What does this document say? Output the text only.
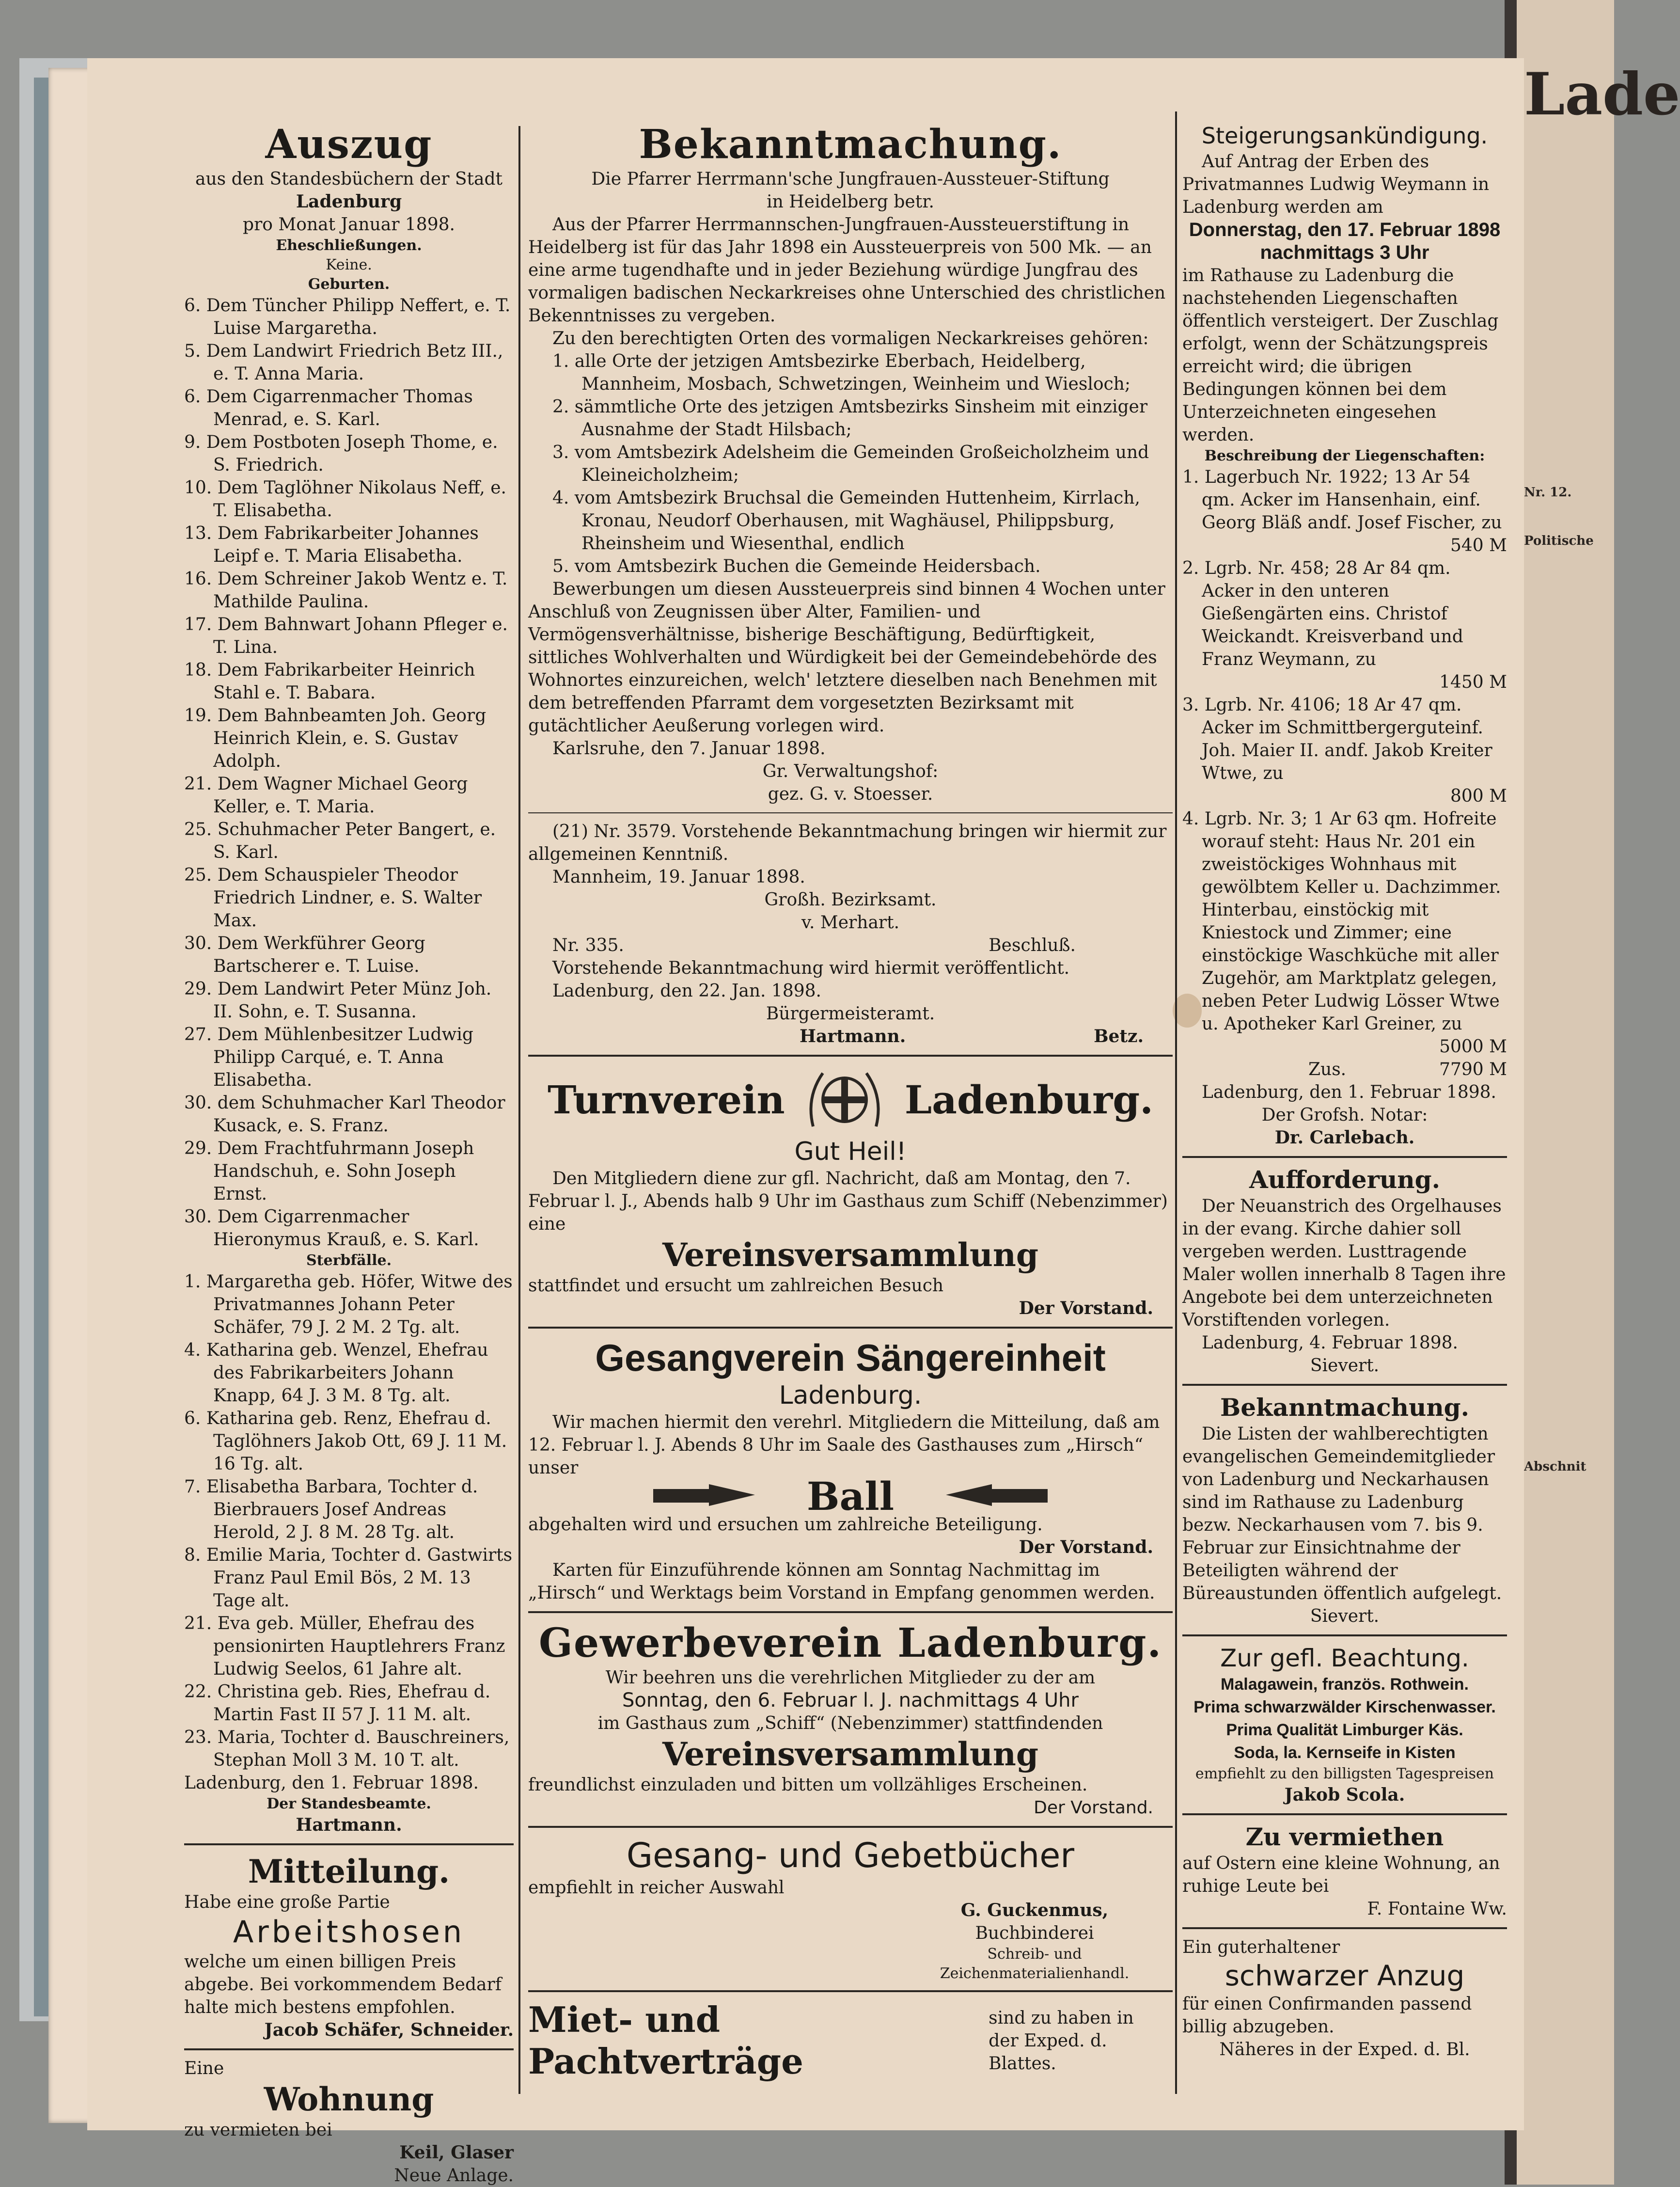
Lade
Nr. 12.
Politische
Abschnit
Auszug
aus den Standesbüchern der Stadt
Ladenburg
pro Monat Januar 1898.
Eheschließungen.
Keine.
Geburten.
6. Dem Tüncher Philipp Neffert, e. T. Luise Margaretha.
5. Dem Landwirt Friedrich Betz III., e. T. Anna Maria.
6. Dem Cigarrenmacher Thomas Menrad, e. S. Karl.
9. Dem Postboten Joseph Thome, e. S. Friedrich.
10. Dem Taglöhner Nikolaus Neff, e. T. Elisabetha.
13. Dem Fabrikarbeiter Johannes Leipf e. T. Maria Elisabetha.
16. Dem Schreiner Jakob Wentz e. T. Mathilde Paulina.
17. Dem Bahnwart Johann Pfleger e. T. Lina.
18. Dem Fabrikarbeiter Heinrich Stahl e. T. Babara.
19. Dem Bahnbeamten Joh. Georg Heinrich Klein, e. S. Gustav Adolph.
21. Dem Wagner Michael Georg Keller, e. T. Maria.
25. Schuhmacher Peter Bangert, e. S. Karl.
25. Dem Schauspieler Theodor Friedrich Lindner, e. S. Walter Max.
30. Dem Werkführer Georg Bartscherer e. T. Luise.
29. Dem Landwirt Peter Münz Joh. II. Sohn, e. T. Susanna.
27. Dem Mühlenbesitzer Ludwig Philipp Carqué, e. T. Anna Elisabetha.
30. dem Schuhmacher Karl Theodor Kusack, e. S. Franz.
29. Dem Frachtfuhrmann Joseph Handschuh, e. Sohn Joseph Ernst.
30. Dem Cigarrenmacher Hieronymus Krauß, e. S. Karl.
Sterbfälle.
1. Margaretha geb. Höfer, Witwe des Privatmannes Johann Peter Schäfer, 79 J. 2 M. 2 Tg. alt.
4. Katharina geb. Wenzel, Ehefrau des Fabrikarbeiters Johann Knapp, 64 J. 3 M. 8 Tg. alt.
6. Katharina geb. Renz, Ehefrau d. Taglöhners Jakob Ott, 69 J. 11 M. 16 Tg. alt.
7. Elisabetha Barbara, Tochter d. Bierbrauers Josef Andreas Herold, 2 J. 8 M. 28 Tg. alt.
8. Emilie Maria, Tochter d. Gastwirts Franz Paul Emil Bös, 2 M. 13 Tage alt.
21. Eva geb. Müller, Ehefrau des pensionirten Hauptlehrers Franz Ludwig Seelos, 61 Jahre alt.
22. Christina geb. Ries, Ehefrau d. Martin Fast II 57 J. 11 M. alt.
23. Maria, Tochter d. Bauschreiners, Stephan Moll 3 M. 10 T. alt.
Ladenburg, den 1. Februar 1898.
Der Standesbeamte.
Hartmann.
Mitteilung.
Habe eine große Partie
Arbeitshosen
welche um einen billigen Preis abgebe. Bei vorkommendem Bedarf halte mich bestens empfohlen.
Jacob Schäfer, Schneider.
Eine
Wohnung
zu vermieten bei
Keil, Glaser
Neue Anlage.
Bekanntmachung.
Die Pfarrer Herrmann'sche Jungfrauen-Aussteuer-Stiftung in Heidelberg betr.
Aus der Pfarrer Herrmannschen-Jungfrauen-Aussteuerstiftung in Heidelberg ist für das Jahr 1898 ein Aussteuerpreis von 500 Mk. — an eine arme tugendhafte und in jeder Beziehung würdige Jungfrau des vormaligen badischen Neckarkreises ohne Unterschied des christlichen Bekenntnisses zu vergeben.
Zu den berechtigten Orten des vormaligen Neckarkreises gehören:
1. alle Orte der jetzigen Amtsbezirke Eberbach, Heidelberg, Mannheim, Mosbach, Schwetzingen, Weinheim und Wiesloch;
2. sämmtliche Orte des jetzigen Amtsbezirks Sinsheim mit einziger Ausnahme der Stadt Hilsbach;
3. vom Amtsbezirk Adelsheim die Gemeinden Großeicholzheim und Kleineicholzheim;
4. vom Amtsbezirk Bruchsal die Gemeinden Huttenheim, Kirrlach, Kronau, Neudorf Oberhausen, mit Waghäusel, Philippsburg, Rheinsheim und Wiesenthal, endlich
5. vom Amtsbezirk Buchen die Gemeinde Heidersbach.
Bewerbungen um diesen Aussteuerpreis sind binnen 4 Wochen unter Anschluß von Zeugnissen über Alter, Familien- und Vermögensverhältnisse, bisherige Beschäftigung, Bedürftigkeit, sittliches Wohlverhalten und Würdigkeit bei der Gemeindebehörde des Wohnortes einzureichen, welch' letztere dieselben nach Benehmen mit dem betreffenden Pfarramt dem vorgesetzten Bezirksamt mit gutächtlicher Aeußerung vorlegen wird.
Karlsruhe, den 7. Januar 1898.
Gr. Verwaltungshof:
gez. G. v. Stoesser.
(21) Nr. 3579. Vorstehende Bekanntmachung bringen wir hiermit zur allgemeinen Kenntniß.
Mannheim, 19. Januar 1898.
Großh. Bezirksamt.
v. Merhart.
Nr. 335.	Beschluß.
Vorstehende Bekanntmachung wird hiermit veröffentlicht.
Ladenburg, den 22. Jan. 1898.
Bürgermeisteramt.
Hartmann.	Betz.
Turnverein	Ladenburg.
Gut Heil!
Den Mitgliedern diene zur gfl. Nachricht, daß am Montag, den 7. Februar l. J., Abends halb 9 Uhr im Gasthaus zum Schiff (Nebenzimmer) eine
Vereinsversammlung
stattfindet und ersucht um zahlreichen Besuch
Der Vorstand.
Gesangverein Sängereinheit
Ladenburg.
Wir machen hiermit den verehrl. Mitgliedern die Mitteilung, daß am 12. Februar l. J. Abends 8 Uhr im Saale des Gasthauses zum „Hirsch“ unser
Ball
abgehalten wird und ersuchen um zahlreiche Beteiligung.
Der Vorstand.
Karten für Einzuführende können am Sonntag Nachmittag im „Hirsch“ und Werktags beim Vorstand in Empfang genommen werden.
Gewerbeverein Ladenburg.
Wir beehren uns die verehrlichen Mitglieder zu der am
Sonntag, den 6. Februar l. J. nachmittags 4 Uhr
im Gasthaus zum „Schiff“ (Nebenzimmer) stattfindenden
Vereinsversammlung
freundlichst einzuladen und bitten um vollzähliges Erscheinen.
Der Vorstand.
Gesang- und Gebetbücher
empfiehlt in reicher Auswahl
G. Guckenmus,
Buchbinderei
Schreib- und Zeichenmaterialienhandl.
Miet- und Pachtverträge
sind zu haben in
der Exped. d. Blattes.
Steigerungsankündigung.
Auf Antrag der Erben des Privatmannes Ludwig Weymann in Ladenburg werden am
Donnerstag, den 17. Februar 1898
nachmittags 3 Uhr
im Rathause zu Ladenburg die nachstehenden Liegenschaften öffentlich versteigert. Der Zuschlag erfolgt, wenn der Schätzungspreis erreicht wird; die übrigen Bedingungen können bei dem Unterzeichneten eingesehen werden.
Beschreibung der Liegenschaften:
1. Lagerbuch Nr. 1922; 13 Ar 54 qm. Acker im Hansenhain, einf. Georg Bläß andf. Josef Fischer, zu
540 M
2. Lgrb. Nr. 458; 28 Ar 84 qm. Acker in den unteren Gießengärten eins. Christof Weickandt. Kreisverband und Franz Weymann, zu
1450 M
3. Lgrb. Nr. 4106; 18 Ar 47 qm. Acker im Schmittbergerguteinf. Joh. Maier II. andf. Jakob Kreiter Wtwe, zu
800 M
4. Lgrb. Nr. 3; 1 Ar 63 qm. Hofreite worauf steht: Haus Nr. 201 ein zweistöckiges Wohnhaus mit gewölbtem Keller u. Dachzimmer. Hinterbau, einstöckig mit Kniestock und Zimmer; eine einstöckige Waschküche mit aller Zugehör, am Marktplatz gelegen, neben Peter Ludwig Lösser Wtwe u. Apotheker Karl Greiner, zu
5000 M
Zus.	7790 M
Ladenburg, den 1. Februar 1898.
Der Grofsh. Notar:
Dr. Carlebach.
Aufforderung.
Der Neuanstrich des Orgelhauses in der evang. Kirche dahier soll vergeben werden. Lusttragende Maler wollen innerhalb 8 Tagen ihre Angebote bei dem unterzeichneten Vorstiftenden vorlegen.
Ladenburg, 4. Februar 1898.
Sievert.
Bekanntmachung.
Die Listen der wahlberechtigten evangelischen Gemeindemitglieder von Ladenburg und Neckarhausen sind im Rathause zu Ladenburg bezw. Neckarhausen vom 7. bis 9. Februar zur Einsichtnahme der Beteiligten während der Büreaustunden öffentlich aufgelegt.
Sievert.
Zur gefl. Beachtung.
Malagawein, französ. Rothwein.
Prima schwarzwälder Kirschenwasser.
Prima Qualität Limburger Käs.
Soda, la. Kernseife in Kisten
empfiehlt zu den billigsten Tagespreisen
Jakob Scola.
Zu vermiethen
auf Ostern eine kleine Wohnung, an ruhige Leute bei
F. Fontaine Ww.
Ein guterhaltener
schwarzer Anzug
für einen Confirmanden passend billig abzugeben.
Näheres in der Exped. d. Bl.
